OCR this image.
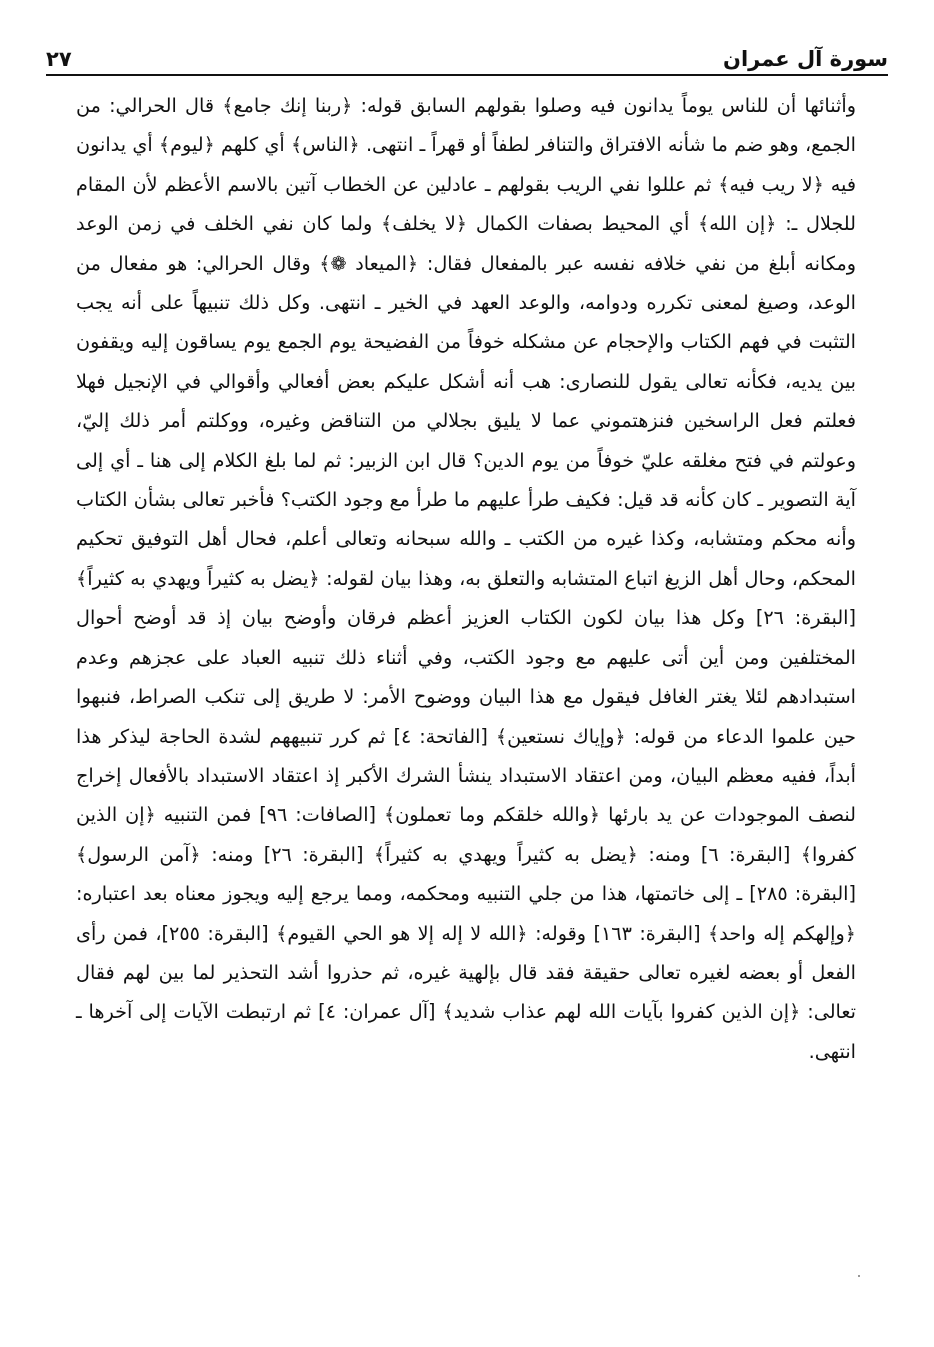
سورة آل عمران
٢٧

وأثنائها أن للناس يوماً يدانون فيه وصلوا بقولهم السابق قوله: ﴿ربنا إنك جامع﴾ قال الحرالي: من الجمع، وهو ضم ما شأنه الافتراق والتنافر لطفاً أو قهراً ـ انتهى. ﴿الناس﴾ أي كلهم ﴿ليوم﴾ أي يدانون فيه ﴿لا ريب فيه﴾ ثم عللوا نفي الريب بقولهم ـ عادلين عن الخطاب آتين بالاسم الأعظم لأن المقام للجلال ـ: ﴿إن الله﴾ أي المحيط بصفات الكمال ﴿لا يخلف﴾ ولما كان نفي الخلف في زمن الوعد ومكانه أبلغ من نفي خلافه نفسه عبر بالمفعال فقال: ﴿الميعاد ❁﴾ وقال الحرالي: هو مفعال من الوعد، وصيغ لمعنى تكرره ودوامه، والوعد العهد في الخير ـ انتهى. وكل ذلك تنبيهاً على أنه يجب التثبت في فهم الكتاب والإحجام عن مشكله خوفاً من الفضيحة يوم الجمع يوم يساقون إليه ويقفون بين يديه، فكأنه تعالى يقول للنصارى: هب أنه أشكل عليكم بعض أفعالي وأقوالي في الإنجيل فهلا فعلتم فعل الراسخين فنزهتموني عما لا يليق بجلالي من التناقض وغيره، ووكلتم أمر ذلك إليّ، وعولتم في فتح مغلقه عليّ خوفاً من يوم الدين؟ قال ابن الزبير: ثم لما بلغ الكلام إلى هنا ـ أي إلى آية التصوير ـ كان كأنه قد قيل: فكيف طرأ عليهم ما طرأ مع وجود الكتب؟ فأخبر تعالى بشأن الكتاب وأنه محكم ومتشابه، وكذا غيره من الكتب ـ والله سبحانه وتعالى أعلم، فحال أهل التوفيق تحكيم المحكم، وحال أهل الزيغ اتباع المتشابه والتعلق به، وهذا بيان لقوله: ﴿يضل به كثيراً ويهدي به كثيراً﴾ [البقرة: ٢٦] وكل هذا بيان لكون الكتاب العزيز أعظم فرقان وأوضح بيان إذ قد أوضح أحوال المختلفين ومن أين أتى عليهم مع وجود الكتب، وفي أثناء ذلك تنبيه العباد على عجزهم وعدم استبدادهم لئلا يغتر الغافل فيقول مع هذا البيان ووضوح الأمر: لا طريق إلى تنكب الصراط، فنبهوا حين علموا الدعاء من قوله: ﴿وإياك نستعين﴾ [الفاتحة: ٤] ثم كرر تنبيههم لشدة الحاجة ليذكر هذا أبداً، ففيه معظم البيان، ومن اعتقاد الاستبداد ينشأ الشرك الأكبر إذ اعتقاد الاستبداد بالأفعال إخراج لنصف الموجودات عن يد بارئها ﴿والله خلقكم وما تعملون﴾ [الصافات: ٩٦] فمن التنبيه ﴿إن الذين كفروا﴾ [البقرة: ٦] ومنه: ﴿يضل به كثيراً ويهدي به كثيراً﴾ [البقرة: ٢٦] ومنه: ﴿آمن الرسول﴾ [البقرة: ٢٨٥] ـ إلى خاتمتها، هذا من جلي التنبيه ومحكمه، ومما يرجع إليه ويجوز معناه بعد اعتباره: ﴿وإلهكم إله واحد﴾ [البقرة: ١٦٣] وقوله: ﴿الله لا إله إلا هو الحي القيوم﴾ [البقرة: ٢٥٥]، فمن رأى الفعل أو بعضه لغيره تعالى حقيقة فقد قال بإلهية غيره، ثم حذروا أشد التحذير لما بين لهم فقال تعالى: ﴿إن الذين كفروا بآيات الله لهم عذاب شديد﴾ [آل عمران: ٤] ثم ارتبطت الآيات إلى آخرها ـ انتهى.
